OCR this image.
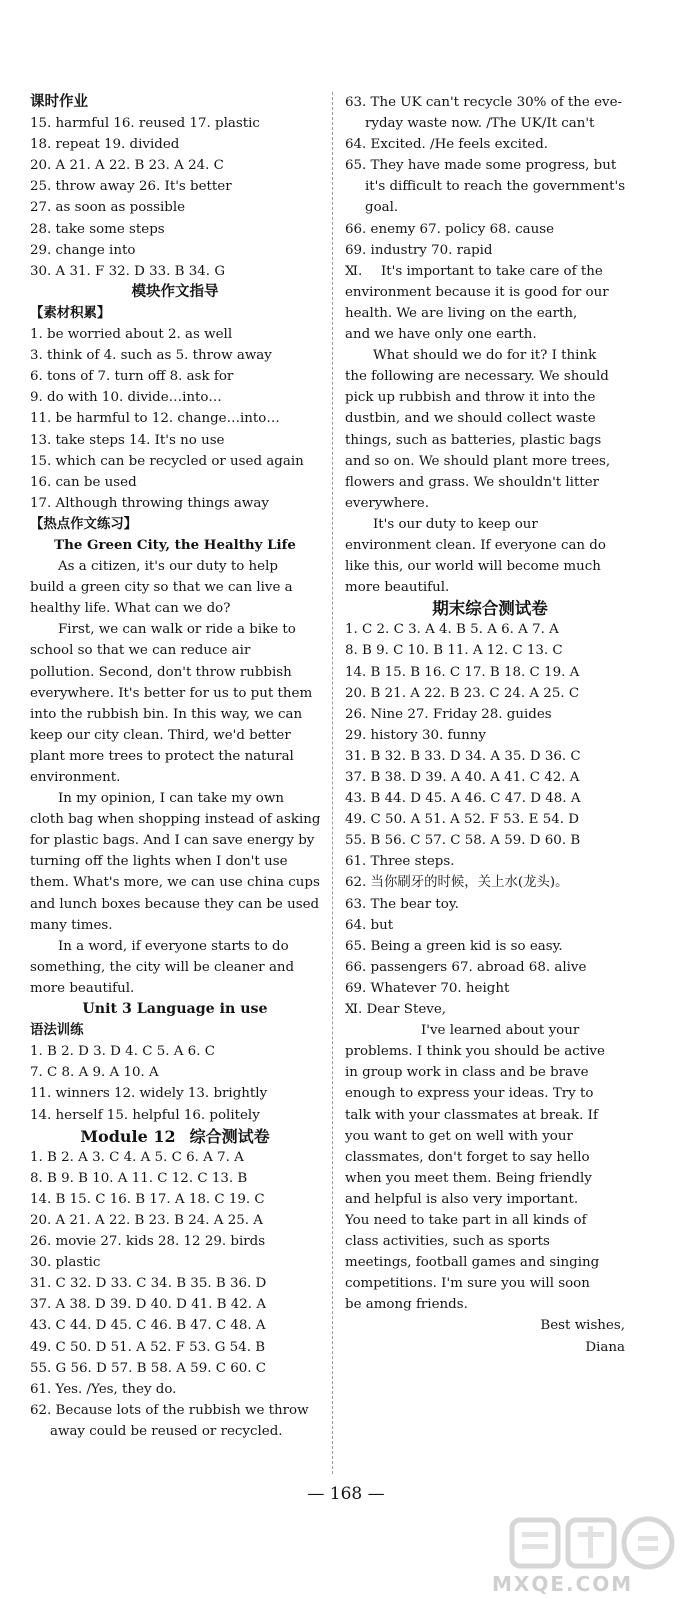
课时作业
15. harmful 16. reused 17. plastic
18. repeat 19. divided
20. A 21. A 22. B 23. A 24. C
25. throw away 26. It's better
27. as soon as possible
28. take some steps
29. change into
30. A 31. F 32. D 33. B 34. G
模块作文指导
【素材积累】
1. be worried about 2. as well
3. think of 4. such as 5. throw away
6. tons of 7. turn off 8. ask for
9. do with 10. divide…into…
11. be harmful to 12. change…into…
13. take steps 14. It's no use
15. which can be recycled or used again
16. can be used
17. Although throwing things away
【热点作文练习】
The Green City, the Healthy Life
As a citizen, it's our duty to help
build a green city so that we can live a
healthy life. What can we do?
First, we can walk or ride a bike to
school so that we can reduce air
pollution. Second, don't throw rubbish
everywhere. It's better for us to put them
into the rubbish bin. In this way, we can
keep our city clean. Third, we'd better
plant more trees to protect the natural
environment.
In my opinion, I can take my own
cloth bag when shopping instead of asking
for plastic bags. And I can save energy by
turning off the lights when I don't use
them. What's more, we can use china cups
and lunch boxes because they can be used
many times.
In a word, if everyone starts to do
something, the city will be cleaner and
more beautiful.
Unit 3 Language in use
语法训练
1. B 2. D 3. D 4. C 5. A 6. C
7. C 8. A 9. A 10. A
11. winners 12. widely 13. brightly
14. herself 15. helpful 16. politely
Module 12 综合测试卷
1. B 2. A 3. C 4. A 5. C 6. A 7. A
8. B 9. B 10. A 11. C 12. C 13. B
14. B 15. C 16. B 17. A 18. C 19. C
20. A 21. A 22. B 23. B 24. A 25. A
26. movie 27. kids 28. 12 29. birds
30. plastic
31. C 32. D 33. C 34. B 35. B 36. D
37. A 38. D 39. D 40. D 41. B 42. A
43. C 44. D 45. C 46. B 47. C 48. A
49. C 50. D 51. A 52. F 53. G 54. B
55. G 56. D 57. B 58. A 59. C 60. C
61. Yes. /Yes, they do.
62. Because lots of the rubbish we throw
away could be reused or recycled.
63. The UK can't recycle 30% of the eve-
ryday waste now. /The UK/It can't
64. Excited. /He feels excited.
65. They have made some progress, but
it's difficult to reach the government's
goal.
66. enemy 67. policy 68. cause
69. industry 70. rapid
Ⅺ. It's important to take care of the
environment because it is good for our
health. We are living on the earth,
and we have only one earth.
What should we do for it? I think
the following are necessary. We should
pick up rubbish and throw it into the
dustbin, and we should collect waste
things, such as batteries, plastic bags
and so on. We should plant more trees,
flowers and grass. We shouldn't litter
everywhere.
It's our duty to keep our
environment clean. If everyone can do
like this, our world will become much
more beautiful.
期末综合测试卷
1. C 2. C 3. A 4. B 5. A 6. A 7. A
8. B 9. C 10. B 11. A 12. C 13. C
14. B 15. B 16. C 17. B 18. C 19. A
20. B 21. A 22. B 23. C 24. A 25. C
26. Nine 27. Friday 28. guides
29. history 30. funny
31. B 32. B 33. D 34. A 35. D 36. C
37. B 38. D 39. A 40. A 41. C 42. A
43. B 44. D 45. A 46. C 47. D 48. A
49. C 50. A 51. A 52. F 53. E 54. D
55. B 56. C 57. C 58. A 59. D 60. B
61. Three steps.
62. 当你刷牙的时候，关上水(龙头)。
63. The bear toy.
64. but
65. Being a green kid is so easy.
66. passengers 67. abroad 68. alive
69. Whatever 70. height
Ⅺ. Dear Steve,
I've learned about your
problems. I think you should be active
in group work in class and be brave
enough to express your ideas. Try to
talk with your classmates at break. If
you want to get on well with your
classmates, don't forget to say hello
when you meet them. Being friendly
and helpful is also very important.
You need to take part in all kinds of
class activities, such as sports
meetings, football games and singing
competitions. I'm sure you will soon
be among friends.
Best wishes,
Diana
— 168 —
MXQE.COM
